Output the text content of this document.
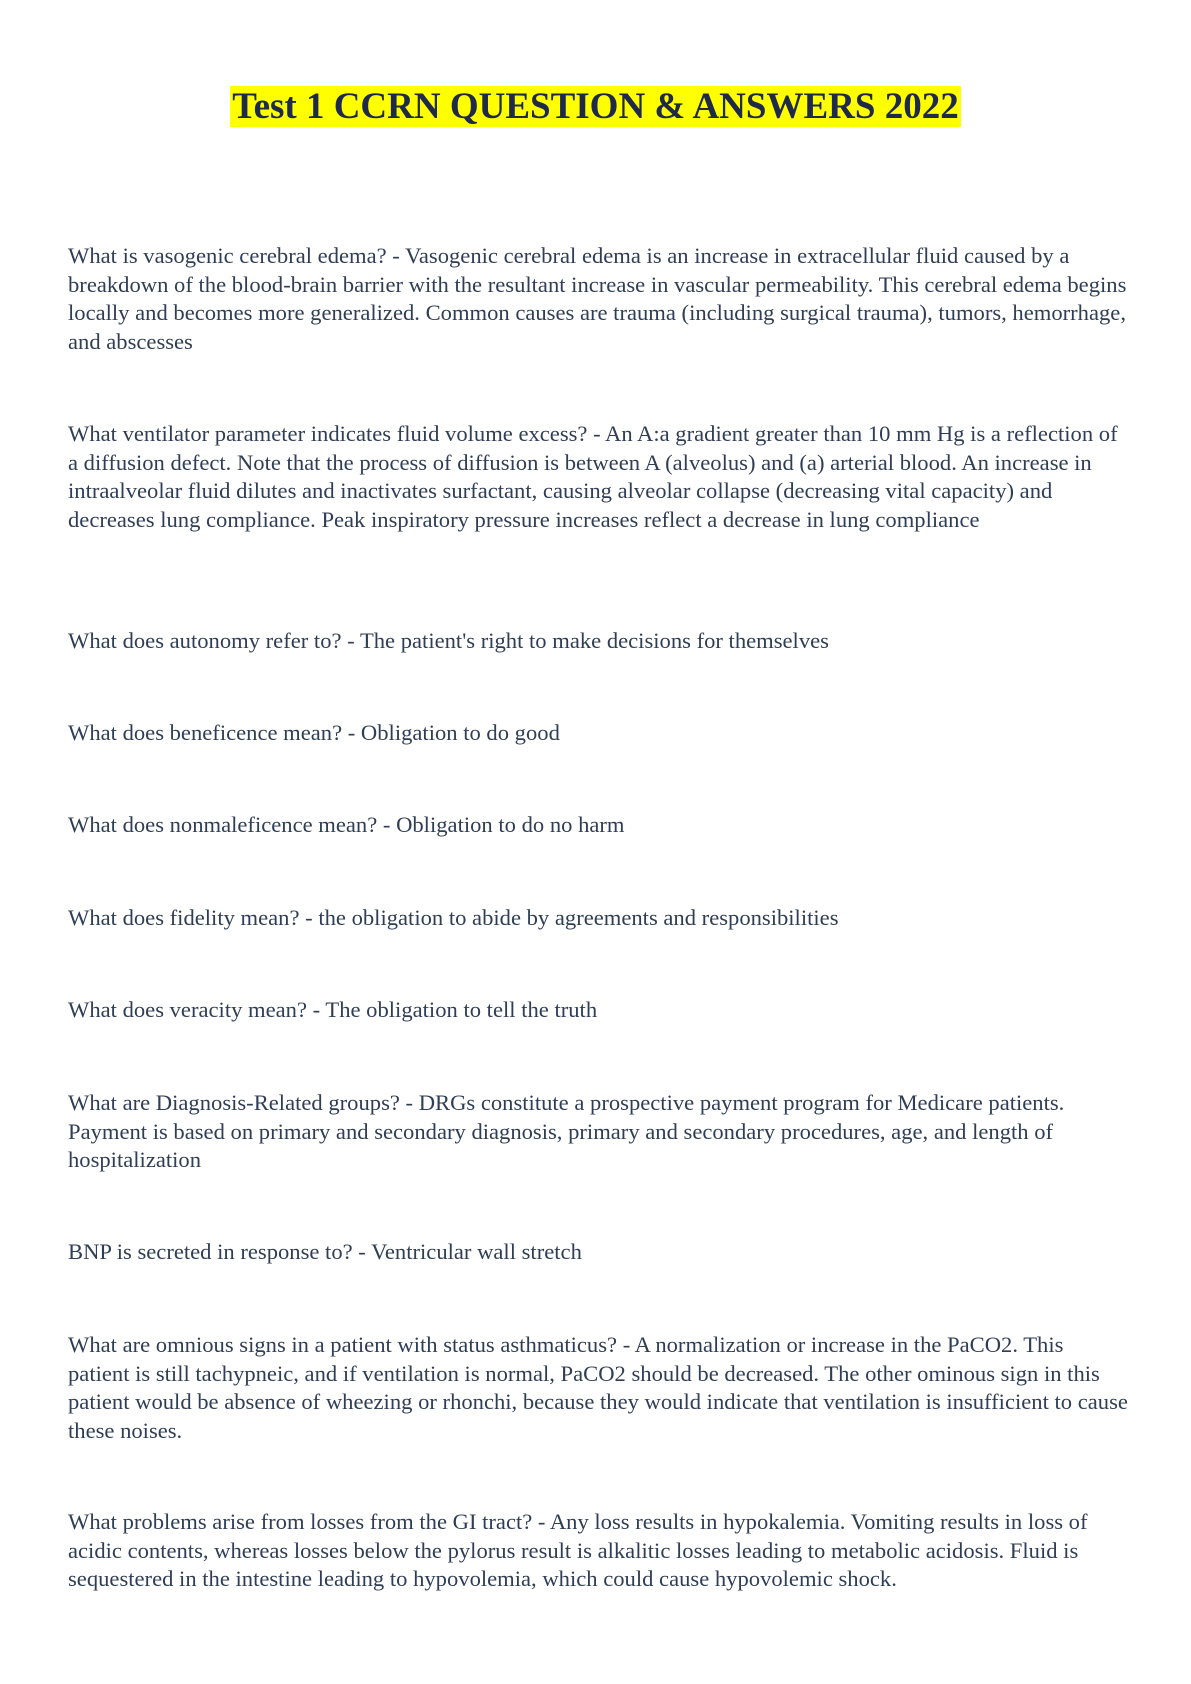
Test 1 CCRN QUESTION & ANSWERS 2022

What is vasogenic cerebral edema? - Vasogenic cerebral edema is an increase in extracellular fluid caused by a breakdown of the blood-brain barrier with the resultant increase in vascular permeability. This cerebral edema begins locally and becomes more generalized. Common causes are trauma (including surgical trauma), tumors, hemorrhage, and abscesses

What ventilator parameter indicates fluid volume excess? - An A:a gradient greater than 10 mm Hg is a reflection of a diffusion defect. Note that the process of diffusion is between A (alveolus) and (a) arterial blood. An increase in intraalveolar fluid dilutes and inactivates surfactant, causing alveolar collapse (decreasing vital capacity) and decreases lung compliance. Peak inspiratory pressure increases reflect a decrease in lung compliance

What does autonomy refer to? - The patient's right to make decisions for themselves

What does beneficence mean? - Obligation to do good

What does nonmaleficence mean? - Obligation to do no harm

What does fidelity mean? - the obligation to abide by agreements and responsibilities

What does veracity mean? - The obligation to tell the truth

What are Diagnosis-Related groups? - DRGs constitute a prospective payment program for Medicare patients. Payment is based on primary and secondary diagnosis, primary and secondary procedures, age, and length of hospitalization

BNP is secreted in response to? - Ventricular wall stretch

What are omnious signs in a patient with status asthmaticus? - A normalization or increase in the PaCO2. This patient is still tachypneic, and if ventilation is normal, PaCO2 should be decreased. The other ominous sign in this patient would be absence of wheezing or rhonchi, because they would indicate that ventilation is insufficient to cause these noises.

What problems arise from losses from the GI tract? - Any loss results in hypokalemia. Vomiting results in loss of acidic contents, whereas losses below the pylorus result is alkalitic losses leading to metabolic acidosis. Fluid is sequestered in the intestine leading to hypovolemia, which could cause hypovolemic shock.
